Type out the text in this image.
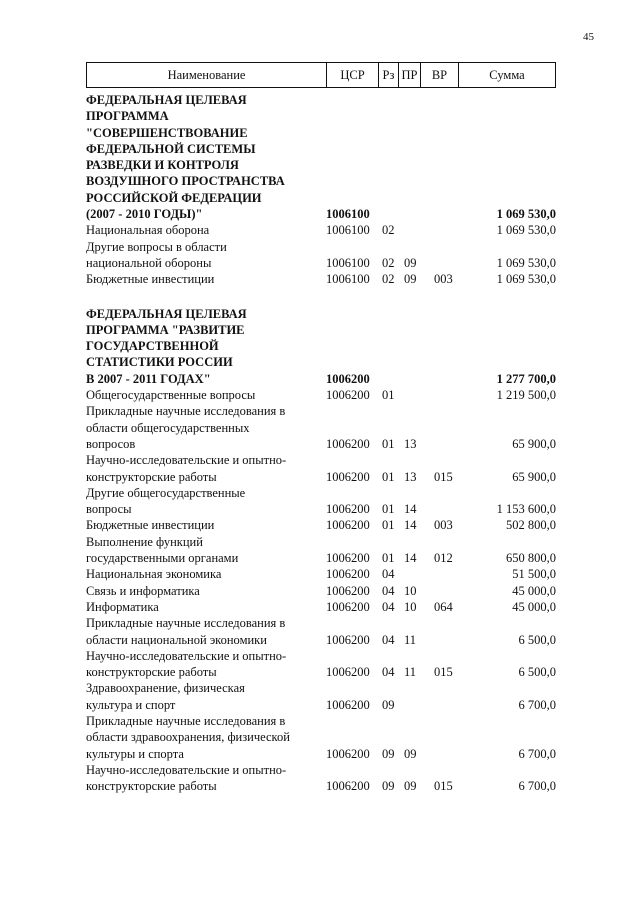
45
Наименование	ЦСР	Рз ПР	ВР	Сумма
ФЕДЕРАЛЬНАЯ ЦЕЛЕВАЯ
ПРОГРАММА
"СОВЕРШЕНСТВОВАНИЕ
ФЕДЕРАЛЬНОЙ СИСТЕМЫ
РАЗВЕДКИ И КОНТРОЛЯ
ВОЗДУШНОГО ПРОСТРАНСТВА
РОССИЙСКОЙ ФЕДЕРАЦИИ
(2007 - 2010 ГОДЫ)"	1006100	1 069 530,0
Национальная оборона	1006100 02	1 069 530,0
Другие вопросы в области
национальной обороны	1006100 02 09	1 069 530,0
Бюджетные инвестиции	1006100 02 09	003	1 069 530,0
ФЕДЕРАЛЬНАЯ ЦЕЛЕВАЯ
ПРОГРАММА "РАЗВИТИЕ
ГОСУДАРСТВЕННОЙ
СТАТИСТИКИ РОССИИ
В 2007 - 2011 ГОДАХ"	1006200	1 277 700,0
Общегосударственные вопросы	1006200 01	1 219 500,0
Прикладные научные исследования в
области общегосударственных
вопросов	1006200 01 13	65 900,0
Научно-исследовательские и опытно-
конструкторские работы	1006200 01 13	015	65 900,0
Другие общегосударственные
вопросы	1006200 01 14	1 153 600,0
Бюджетные инвестиции	1006200 01 14	003	502 800,0
Выполнение функций
государственными органами	1006200 01 14	012	650 800,0
Национальная экономика	1006200 04	51 500,0
Связь и информатика	1006200 04 10	45 000,0
Информатика	1006200 04 10	064	45 000,0
Прикладные научные исследования в
области национальной экономики	1006200 04 11	6 500,0
Научно-исследовательские и опытно-
конструкторские работы	1006200 04 11	015	6 500,0
Здравоохранение, физическая
культура и спорт	1006200 09	6 700,0
Прикладные научные исследования в
области здравоохранения, физической
культуры и спорта	1006200 09 09	6 700,0
Научно-исследовательские и опытно-
конструкторские работы	1006200 09 09	015	6 700,0
